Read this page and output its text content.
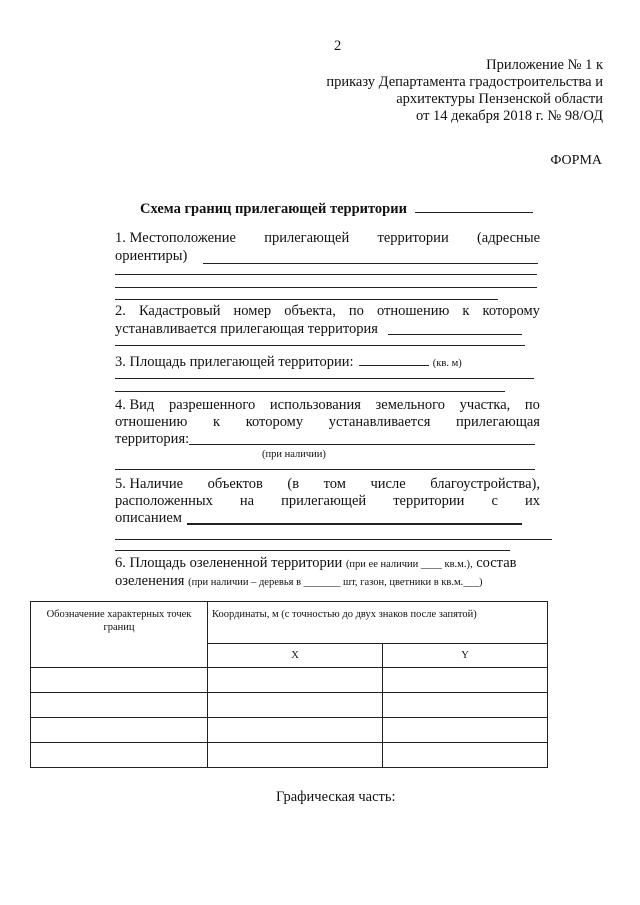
2
Приложение № 1 к
приказу Департамента градостроительства и
архитектуры Пензенской области
от 14 декабря 2018 г. № 98/ОД
ФОРМА
Схема границ прилегающей территории
1. Местоположение прилегающей территории (адресные
ориентиры)
2. Кадастровый номер объекта, по отношению к которому
устанавливается прилегающая территория
3. Площадь прилегающей территории:	(кв. м)
4. Вид разрешенного использования земельного участка, по
отношению к которому устанавливается прилегающая
территория:
(при наличии)
5. Наличие объектов (в том числе благоустройства),
расположенных на прилегающей территории с их
описанием
6. Площадь озелененной территории (при ее наличии ____ кв.м.), состав
озеленения (при наличии – деревья в _______ шт, газон, цветники в кв.м.___)
Обозначение характерных точек границ	Координаты, м (с точностью до двух знаков после запятой)	
	X	Y

Графическая часть:
